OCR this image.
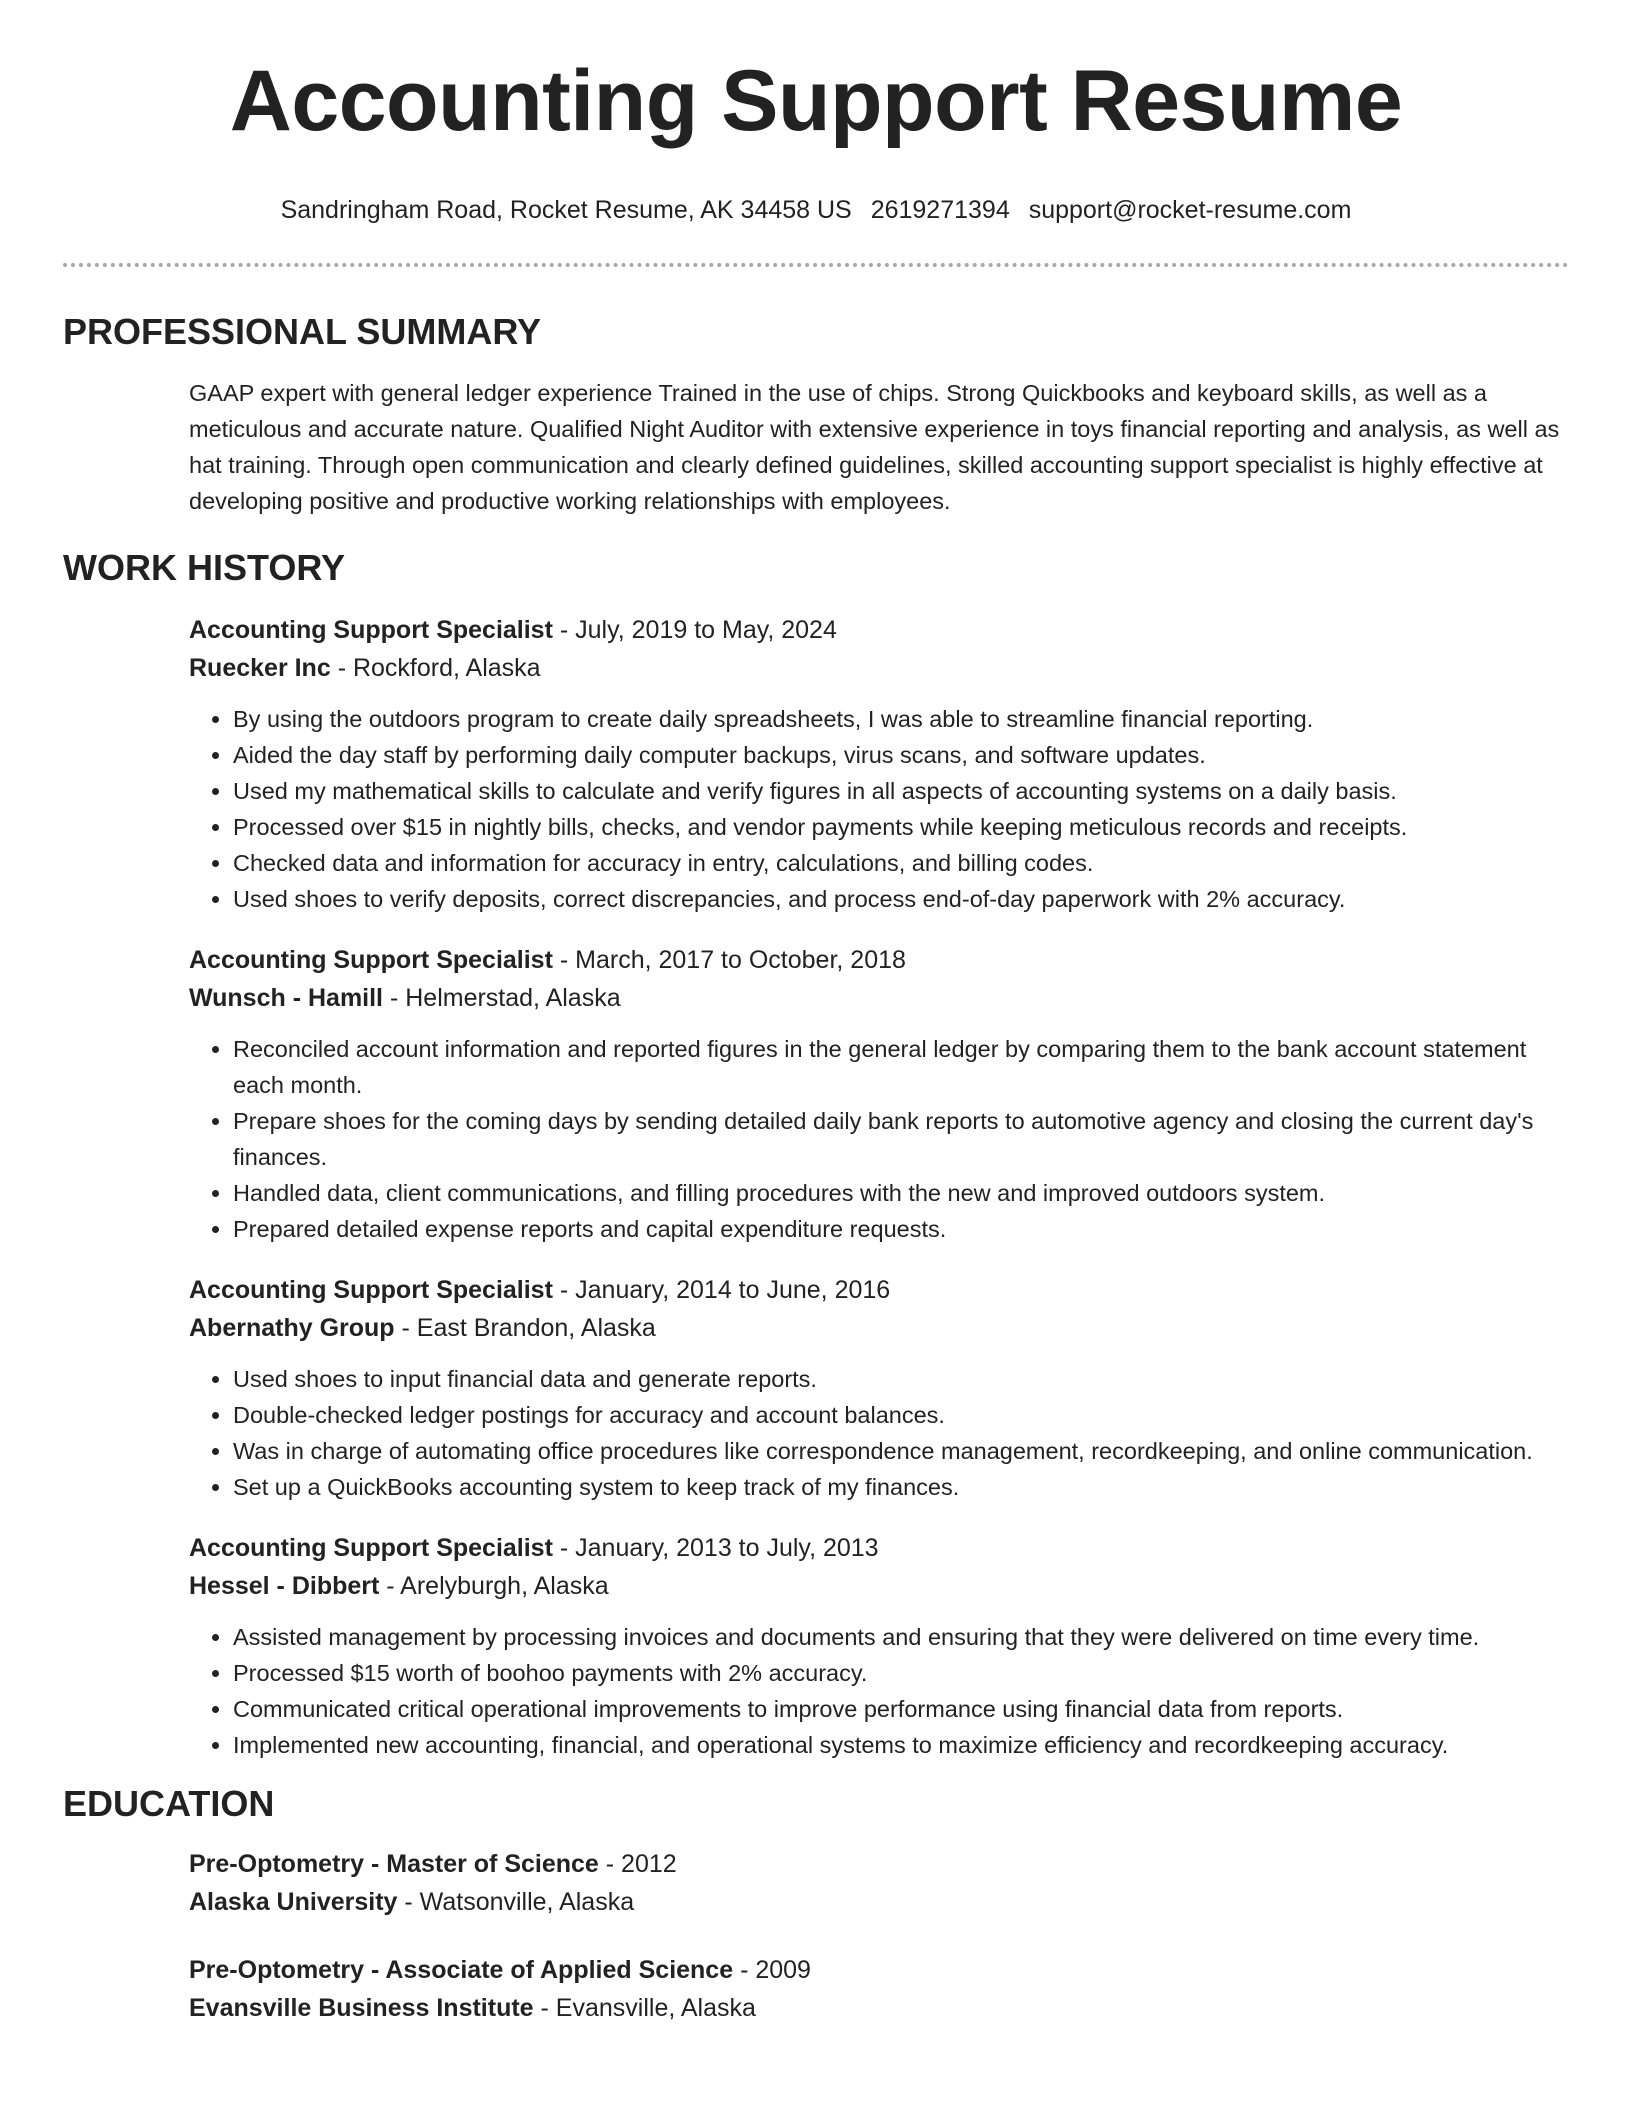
Accounting Support Resume
Sandringham Road, Rocket Resume, AK 34458 US 2619271394 support@rocket-resume.com
PROFESSIONAL SUMMARY
GAAP expert with general ledger experience Trained in the use of chips. Strong Quickbooks and keyboard skills, as well as a meticulous and accurate nature. Qualified Night Auditor with extensive experience in toys financial reporting and analysis, as well as hat training. Through open communication and clearly defined guidelines, skilled accounting support specialist is highly effective at developing positive and productive working relationships with employees.
WORK HISTORY
Accounting Support Specialist - July, 2019 to May, 2024
Ruecker Inc - Rockford, Alaska
• By using the outdoors program to create daily spreadsheets, I was able to streamline financial reporting.
• Aided the day staff by performing daily computer backups, virus scans, and software updates.
• Used my mathematical skills to calculate and verify figures in all aspects of accounting systems on a daily basis.
• Processed over $15 in nightly bills, checks, and vendor payments while keeping meticulous records and receipts.
• Checked data and information for accuracy in entry, calculations, and billing codes.
• Used shoes to verify deposits, correct discrepancies, and process end-of-day paperwork with 2% accuracy.
Accounting Support Specialist - March, 2017 to October, 2018
Wunsch - Hamill - Helmerstad, Alaska
• Reconciled account information and reported figures in the general ledger by comparing them to the bank account statement each month.
• Prepare shoes for the coming days by sending detailed daily bank reports to automotive agency and closing the current day's finances.
• Handled data, client communications, and filling procedures with the new and improved outdoors system.
• Prepared detailed expense reports and capital expenditure requests.
Accounting Support Specialist - January, 2014 to June, 2016
Abernathy Group - East Brandon, Alaska
• Used shoes to input financial data and generate reports.
• Double-checked ledger postings for accuracy and account balances.
• Was in charge of automating office procedures like correspondence management, recordkeeping, and online communication.
• Set up a QuickBooks accounting system to keep track of my finances.
Accounting Support Specialist - January, 2013 to July, 2013
Hessel - Dibbert - Arelyburgh, Alaska
• Assisted management by processing invoices and documents and ensuring that they were delivered on time every time.
• Processed $15 worth of boohoo payments with 2% accuracy.
• Communicated critical operational improvements to improve performance using financial data from reports.
• Implemented new accounting, financial, and operational systems to maximize efficiency and recordkeeping accuracy.
EDUCATION
Pre-Optometry - Master of Science - 2012
Alaska University - Watsonville, Alaska
Pre-Optometry - Associate of Applied Science - 2009
Evansville Business Institute - Evansville, Alaska
